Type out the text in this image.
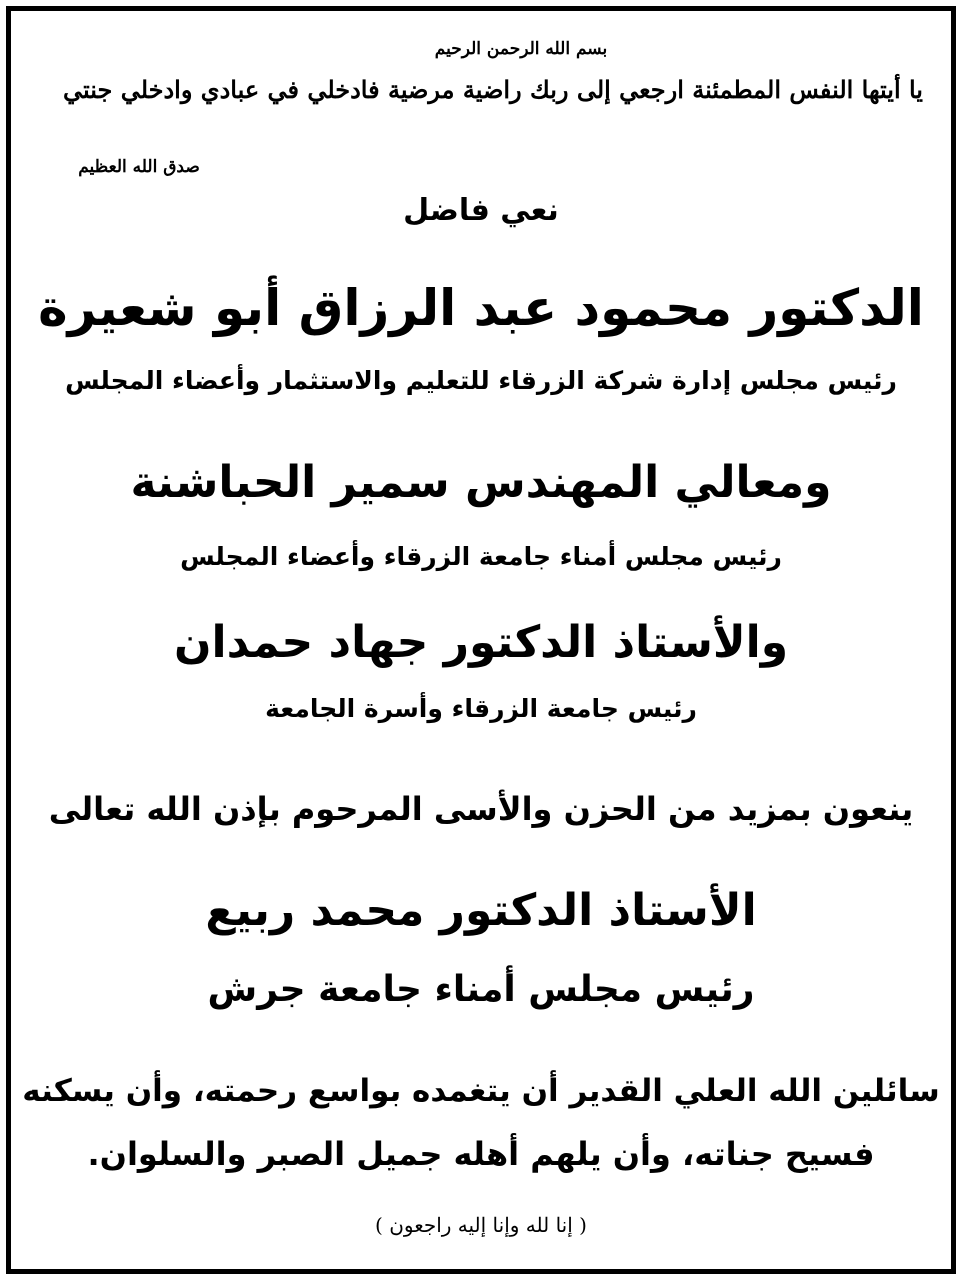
بسم الله الرحمن الرحيم
يا أيتها النفس المطمئنة ارجعي إلى ربك راضية مرضية فادخلي في عبادي وادخلي جنتي
صدق الله العظيم
نعي فاضل
الدكتور محمود عبد الرزاق أبو شعيرة
رئيس مجلس إدارة شركة الزرقاء للتعليم والاستثمار وأعضاء المجلس
ومعالي المهندس سمير الحباشنة
رئيس مجلس أمناء جامعة الزرقاء وأعضاء المجلس
والأستاذ الدكتور جهاد حمدان
رئيس جامعة الزرقاء وأسرة الجامعة
ينعون بمزيد من الحزن والأسى المرحوم بإذن الله تعالى
الأستاذ الدكتور محمد ربيع
رئيس مجلس أمناء جامعة جرش
سائلين الله العلي القدير أن يتغمده بواسع رحمته، وأن يسكنه
فسيح جناته، وأن يلهم أهله جميل الصبر والسلوان.
( إنا لله وإنا إليه راجعون )
